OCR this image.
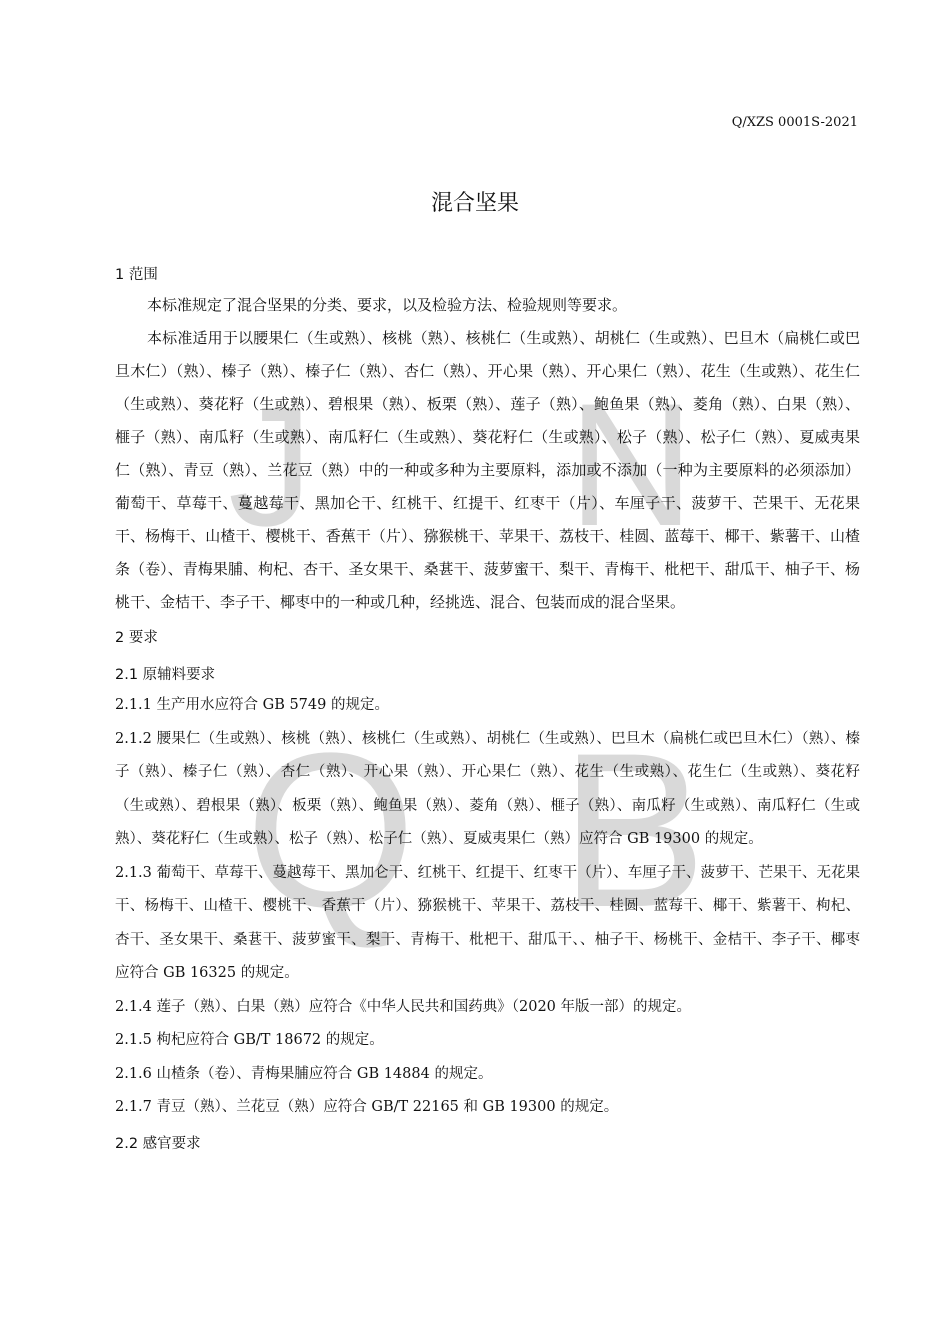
J N
Q B
Q/XZS 0001S-2021
混合坚果
1 范围
本标准规定了混合坚果的分类、要求，以及检验方法、检验规则等要求。
本标准适用于以腰果仁（生或熟）、核桃（熟）、核桃仁（生或熟）、胡桃仁（生或熟）、巴旦木（扁桃仁或巴旦木仁）（熟）、榛子（熟）、榛子仁（熟）、杏仁（熟）、开心果（熟）、开心果仁（熟）、花生（生或熟）、花生仁（生或熟）、葵花籽（生或熟）、碧根果（熟）、板栗（熟）、莲子（熟）、鲍鱼果（熟）、菱角（熟）、白果（熟）、榧子（熟）、南瓜籽（生或熟）、南瓜籽仁（生或熟）、葵花籽仁（生或熟）、松子（熟）、松子仁（熟）、夏威夷果仁（熟）、青豆（熟）、兰花豆（熟）中的一种或多种为主要原料，添加或不添加（一种为主要原料的必须添加）葡萄干、草莓干、蔓越莓干、黑加仑干、红桃干、红提干、红枣干（片）、车厘子干、菠萝干、芒果干、无花果干、杨梅干、山楂干、樱桃干、香蕉干（片）、猕猴桃干、苹果干、荔枝干、桂圆、蓝莓干、椰干、紫薯干、山楂条（卷）、青梅果脯、枸杞、杏干、圣女果干、桑葚干、菠萝蜜干、梨干、青梅干、枇杷干、甜瓜干、柚子干、杨桃干、金桔干、李子干、椰枣中的一种或几种，经挑选、混合、包装而成的混合坚果。
2 要求
2.1 原辅料要求
2.1.1 生产用水应符合 GB 5749 的规定。
2.1.2 腰果仁（生或熟）、核桃（熟）、核桃仁（生或熟）、胡桃仁（生或熟）、巴旦木（扁桃仁或巴旦木仁）（熟）、榛子（熟）、榛子仁（熟）、杏仁（熟）、开心果（熟）、开心果仁（熟）、花生（生或熟）、花生仁（生或熟）、葵花籽（生或熟）、碧根果（熟）、板栗（熟）、鲍鱼果（熟）、菱角（熟）、榧子（熟）、南瓜籽（生或熟）、南瓜籽仁（生或熟）、葵花籽仁（生或熟）、松子（熟）、松子仁（熟）、夏威夷果仁（熟）应符合 GB 19300 的规定。
2.1.3 葡萄干、草莓干、蔓越莓干、黑加仑干、红桃干、红提干、红枣干（片）、车厘子干、菠萝干、芒果干、无花果干、杨梅干、山楂干、樱桃干、香蕉干（片）、猕猴桃干、苹果干、荔枝干、桂圆、蓝莓干、椰干、紫薯干、枸杞、杏干、圣女果干、桑葚干、菠萝蜜干、梨干、青梅干、枇杷干、甜瓜干、、柚子干、杨桃干、金桔干、李子干、椰枣应符合 GB 16325 的规定。
2.1.4 莲子（熟）、白果（熟）应符合《中华人民共和国药典》（2020 年版一部）的规定。
2.1.5 枸杞应符合 GB/T 18672 的规定。
2.1.6 山楂条（卷）、青梅果脯应符合 GB 14884 的规定。
2.1.7 青豆（熟）、兰花豆（熟）应符合 GB/T 22165 和 GB 19300 的规定。
2.2 感官要求
